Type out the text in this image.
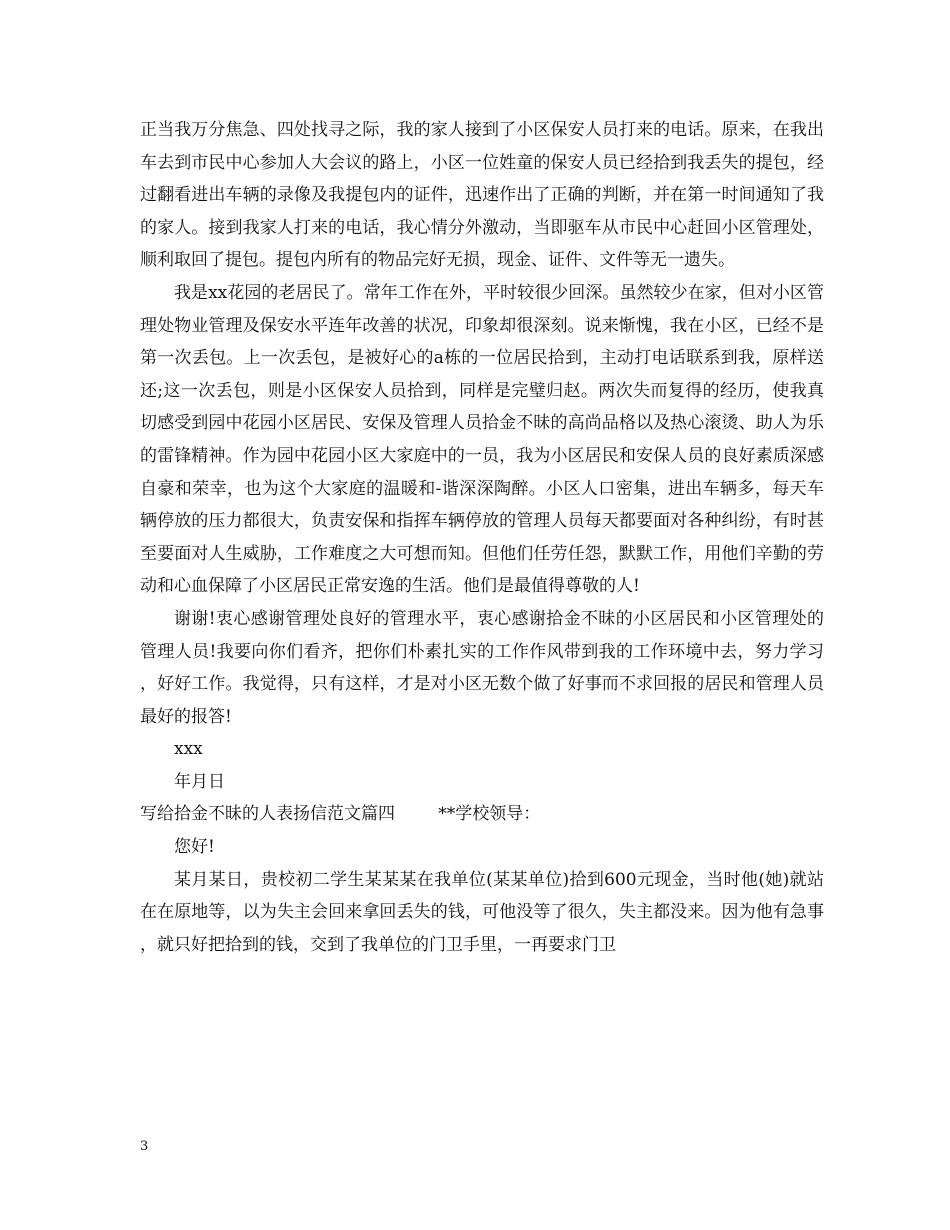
正当我万分焦急、四处找寻之际，我的家人接到了小区保安人员打来的电话。原来，在我出车去到市民中心参加人大会议的路上，小区一位姓童的保安人员已经拾到我丢失的提包，经过翻看进出车辆的录像及我提包内的证件，迅速作出了正确的判断，并在第一时间通知了我的家人。接到我家人打来的电话，我心情分外激动，当即驱车从市民中心赶回小区管理处，顺利取回了提包。提包内所有的物品完好无损，现金、证件、文件等无一遗失。

我是xx花园的老居民了。常年工作在外，平时较很少回深。虽然较少在家，但对小区管理处物业管理及保安水平连年改善的状况，印象却很深刻。说来惭愧，我在小区，已经不是第一次丢包。上一次丢包，是被好心的a栋的一位居民拾到，主动打电话联系到我，原样送还;这一次丢包，则是小区保安人员拾到，同样是完璧归赵。两次失而复得的经历，使我真切感受到园中花园小区居民、安保及管理人员拾金不昧的高尚品格以及热心滚烫、助人为乐的雷锋精神。作为园中花园小区大家庭中的一员，我为小区居民和安保人员的良好素质深感自豪和荣幸，也为这个大家庭的温暖和-谐深深陶醉。小区人口密集，进出车辆多，每天车辆停放的压力都很大，负责安保和指挥车辆停放的管理人员每天都要面对各种纠纷，有时甚至要面对人生威胁，工作难度之大可想而知。但他们任劳任怨，默默工作，用他们辛勤的劳动和心血保障了小区居民正常安逸的生活。他们是最值得尊敬的人!

谢谢!衷心感谢管理处良好的管理水平，衷心感谢拾金不昧的小区居民和小区管理处的管理人员!我要向你们看齐，把你们朴素扎实的工作作风带到我的工作环境中去，努力学习，好好工作。我觉得，只有这样，才是对小区无数个做了好事而不求回报的居民和管理人员最好的报答!

xxx

年月日

写给拾金不昧的人表扬信范文篇四	**学校领导：

您好!

某月某日，贵校初二学生某某某在我单位(某某单位)拾到600元现金，当时他(她)就站在在原地等，以为失主会回来拿回丢失的钱，可他没等了很久，失主都没来。因为他有急事，就只好把拾到的钱，交到了我单位的门卫手里，一再要求门卫

3
